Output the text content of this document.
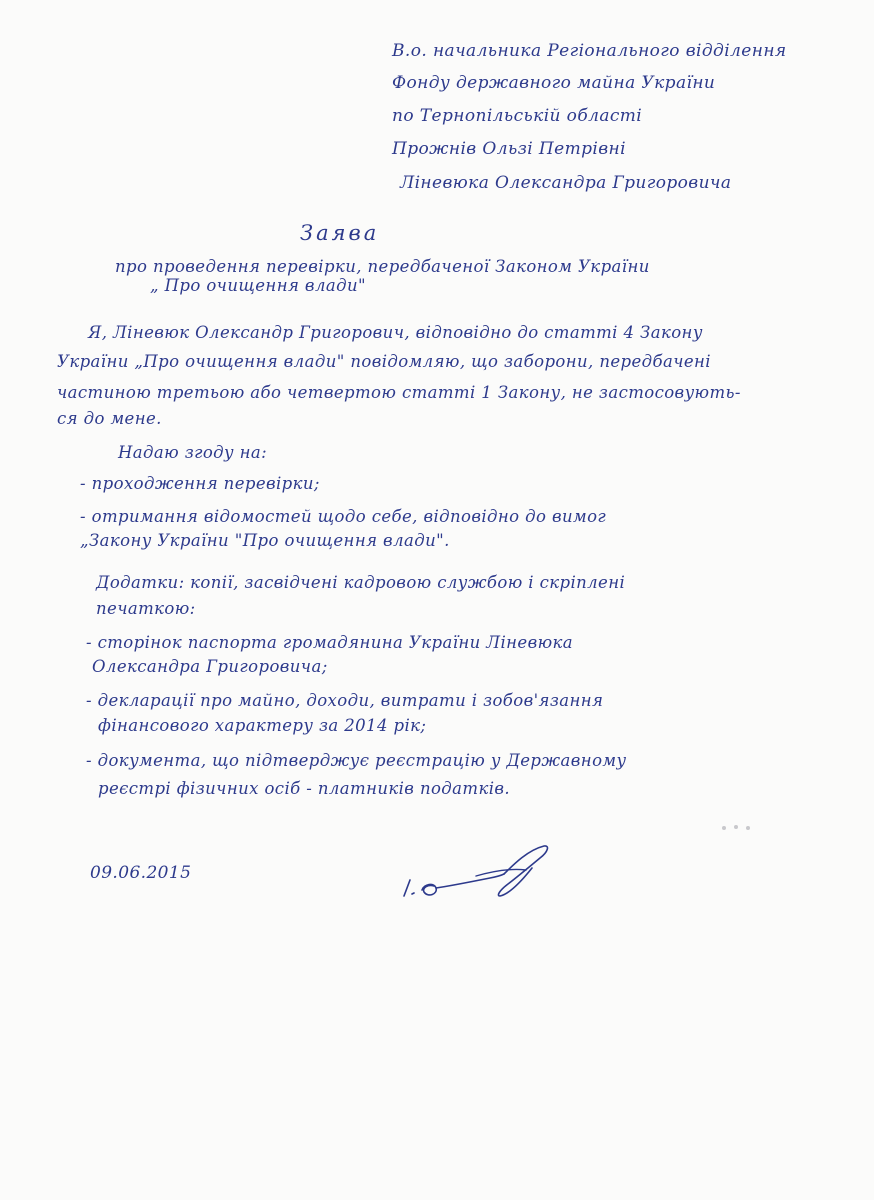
В.о. начальника Регіонального відділення
Фонду державного майна України
по Тернопільській області
Прожнів Ользі Петрівні
Ліневюка Олександра Григоровича
Заява
про проведення перевірки, передбаченої Законом України
„ Про очищення влади"
Я, Ліневюк Олександр Григорович, відповідно до статті 4 Закону
України „Про очищення влади" повідомляю, що заборони, передбачені
частиною третьою або четвертою статті 1 Закону, не застосовують-
ся до мене.
Надаю згоду на:
- проходження перевірки;
- отримання відомостей щодо себе, відповідно до вимог
„Закону України "Про очищення влади".
Додатки: копії, засвідчені кадровою службою і скріплені
печаткою:
- сторінок паспорта громадянина України Ліневюка
Олександра Григоровича;
- декларації про майно, доходи, витрати і зобов'язання
фінансового характеру за 2014 рік;
- документа, що підтверджує реєстрацію у Державному
реєстрі фізичних осіб - платників податків.
09.06.2015
